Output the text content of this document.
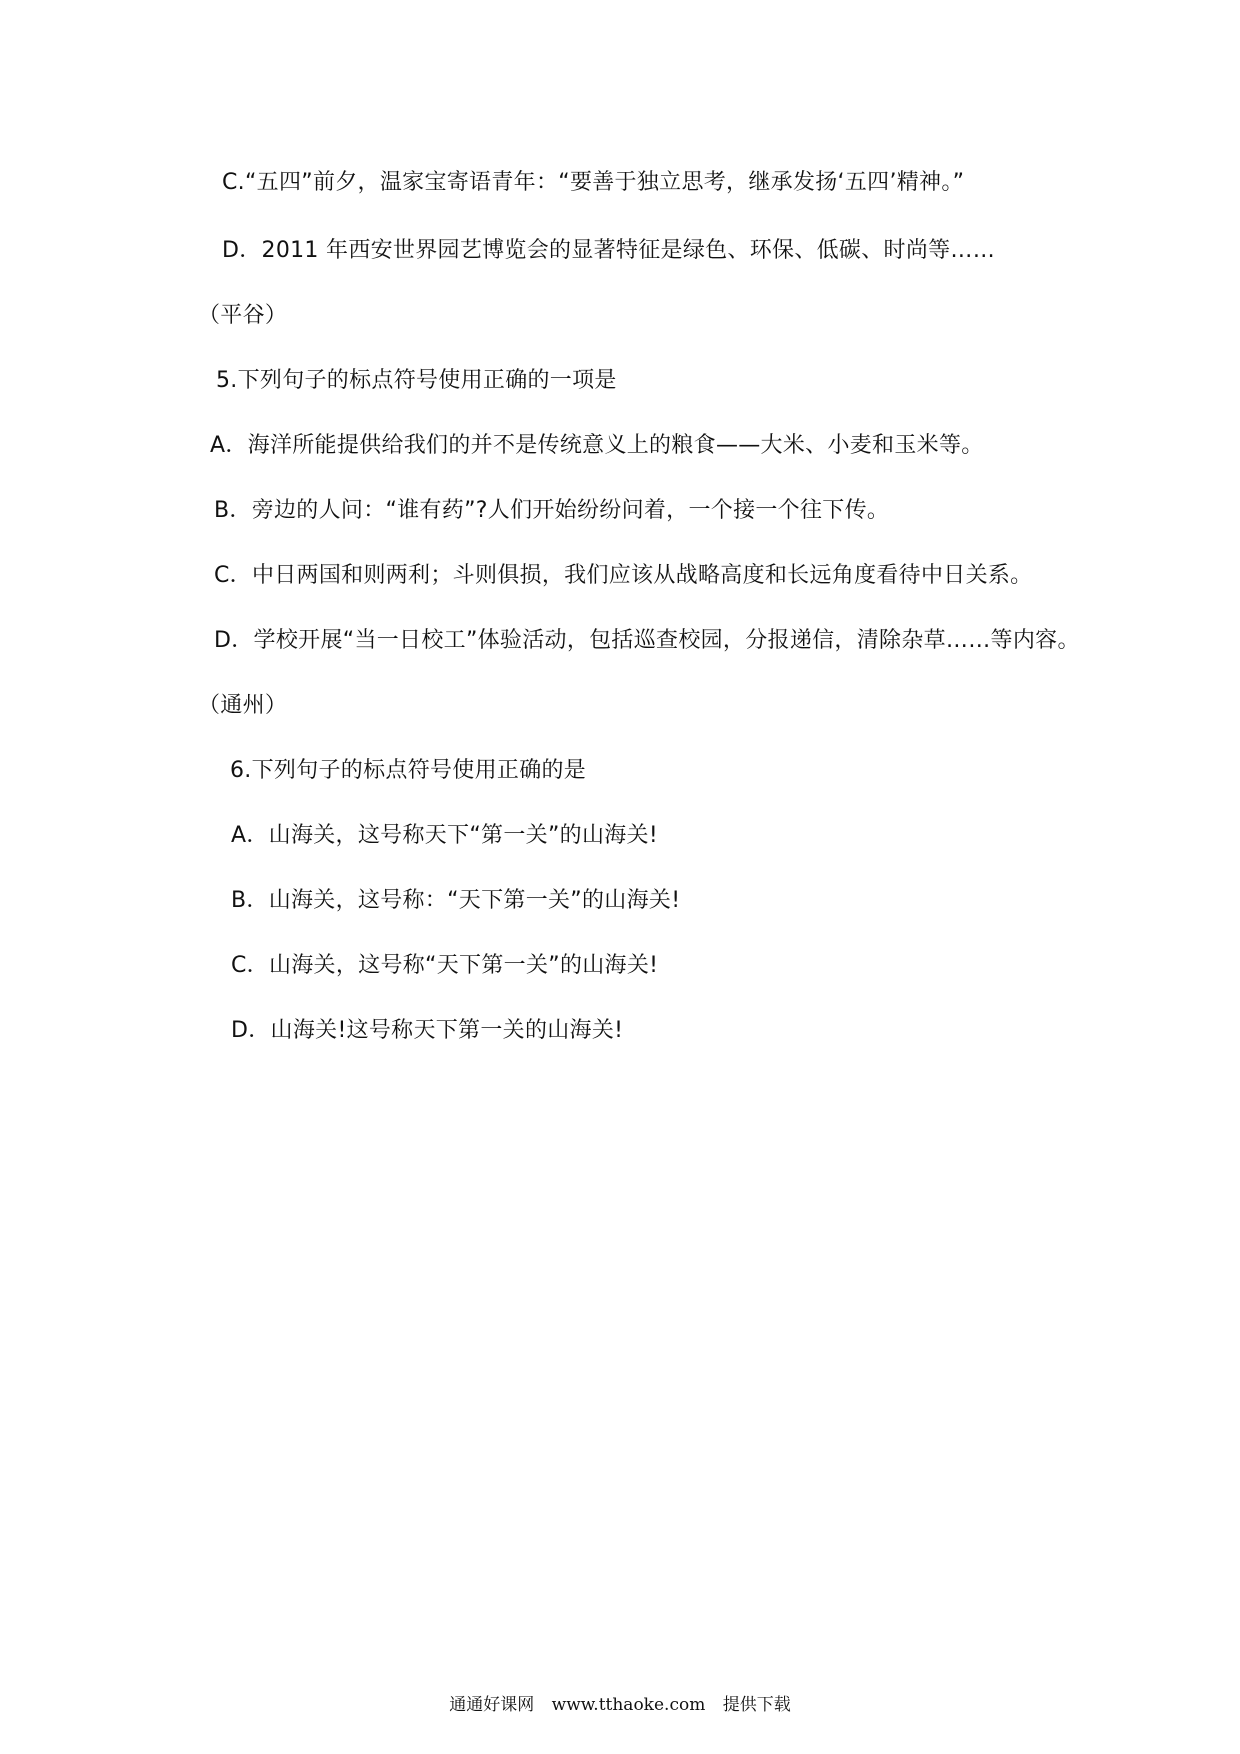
C.“五四”前夕，温家宝寄语青年：“要善于独立思考，继承发扬‘五四’精神。”
D．2011 年西安世界园艺博览会的显著特征是绿色、环保、低碳、时尚等……
（平谷）
5.下列句子的标点符号使用正确的一项是
A．海洋所能提供给我们的并不是传统意义上的粮食——大米、小麦和玉米等。
B．旁边的人问：“谁有药”?人们开始纷纷问着，一个接一个往下传。
C．中日两国和则两利；斗则俱损，我们应该从战略高度和长远角度看待中日关系。
D．学校开展“当一日校工”体验活动，包括巡查校园，分报递信，清除杂草……等内容。
（通州）
6.下列句子的标点符号使用正确的是
A．山海关，这号称天下“第一关”的山海关!
B．山海关，这号称：“天下第一关”的山海关!
C．山海关，这号称“天下第一关”的山海关!
D．山海关!这号称天下第一关的山海关!
通通好课网 www.tthaoke.com 提供下载
